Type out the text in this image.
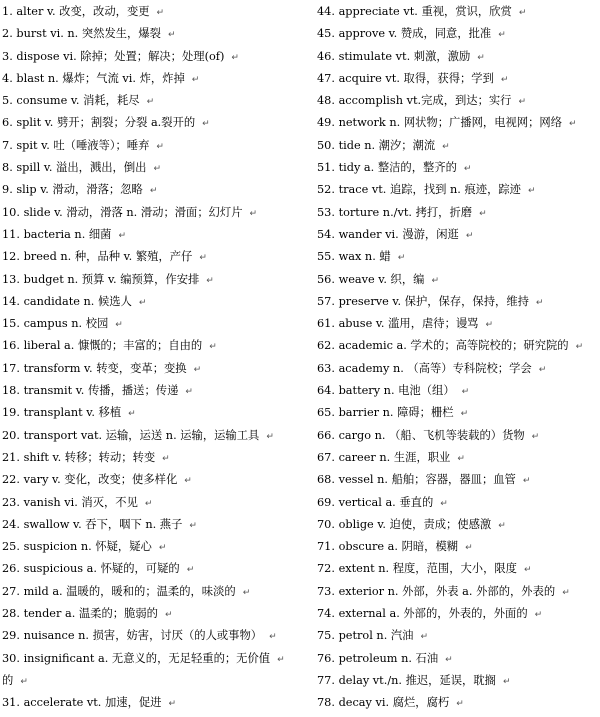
1 . alter v. 改变，改动，变更 ↵
2 . burst vi. n. 突然发生，爆裂 ↵
3 . dispose vi. 除掉；处置；解决；处理(of) ↵
4 . blast n. 爆炸；气流 vi. 炸，炸掉 ↵
5 . consume v. 消耗，耗尽 ↵
6 . split v. 劈开；割裂；分裂 a.裂开的 ↵
7 . spit v. 吐（唾液等）；唾弃 ↵
8 . spill v. 溢出，溅出，倒出 ↵
9 . slip v. 滑动，滑落；忽略 ↵
10 . slide v. 滑动，滑落 n. 滑动；滑面；幻灯片 ↵
11 . bacteria n. 细菌 ↵
12 . breed n. 种，品种 v. 繁殖，产仔 ↵
13 . budget n. 预算 v. 编预算，作安排 ↵
14 . candidate n. 候选人 ↵
15 . campus n. 校园 ↵
16 . liberal a. 慷慨的；丰富的；自由的 ↵
17 . transform v. 转变，变革；变换 ↵
18 . transmit v. 传播，播送；传递 ↵
19 . transplant v. 移植 ↵
20 . transport vat. 运输，运送 n. 运输，运输工具 ↵
21 . shift v. 转移；转动；转变 ↵
22 . vary v. 变化，改变；使多样化 ↵
23 . vanish vi. 消灭，不见 ↵
24 . swallow v. 吞下，咽下 n. 燕子 ↵
25 . suspicion n. 怀疑，疑心 ↵
26 . suspicious a. 怀疑的，可疑的 ↵
27 . mild a. 温暖的，暖和的；温柔的，味淡的 ↵
28 . tender a. 温柔的；脆弱的 ↵
29 . nuisance n. 损害，妨害，讨厌（的人或事物） ↵
30 . insignificant a. 无意义的，无足轻重的；无价值 ↵
的 ↵
31 . accelerate vt. 加速，促进 ↵
44 . appreciate vt. 重视，赏识，欣赏 ↵
45 . approve v. 赞成，同意，批准 ↵
46 . stimulate vt. 刺激，激励 ↵
47 . acquire vt. 取得，获得；学到 ↵
48 . accomplish vt.完成，到达；实行 ↵
49 . network n. 网状物；广播网，电视网；网络 ↵
50 . tide n. 潮汐；潮流 ↵
51 . tidy a. 整洁的，整齐的 ↵
52 . trace vt. 追踪，找到 n. 痕迹，踪迹 ↵
53 . torture n./vt. 拷打，折磨 ↵
54 . wander vi. 漫游，闲逛 ↵
55 . wax n. 蜡 ↵
56 . weave v. 织，编 ↵
57 . preserve v. 保护，保存，保持，维持 ↵
61 . abuse v. 滥用，虐待；谩骂 ↵
62 . academic a. 学术的；高等院校的；研究院的 ↵
63 . academy n. （高等）专科院校；学会 ↵
64 . battery n. 电池（组） ↵
65 . barrier n. 障碍；栅栏 ↵
66 . cargo n. （船、飞机等装载的）货物 ↵
67 . career n. 生涯，职业 ↵
68 . vessel n. 船舶；容器，器皿；血管 ↵
69 . vertical a. 垂直的 ↵
70 . oblige v. 迫使，责成；使感激 ↵
71 . obscure a. 阴暗，模糊 ↵
72 . extent n. 程度，范围，大小，限度 ↵
73 . exterior n. 外部，外表 a. 外部的，外表的 ↵
74 . external a. 外部的，外表的，外面的 ↵
75 . petrol n. 汽油 ↵
76 . petroleum n. 石油 ↵
77 . delay vt./n. 推迟，延误，耽搁 ↵
78 . decay vi. 腐烂，腐朽 ↵
